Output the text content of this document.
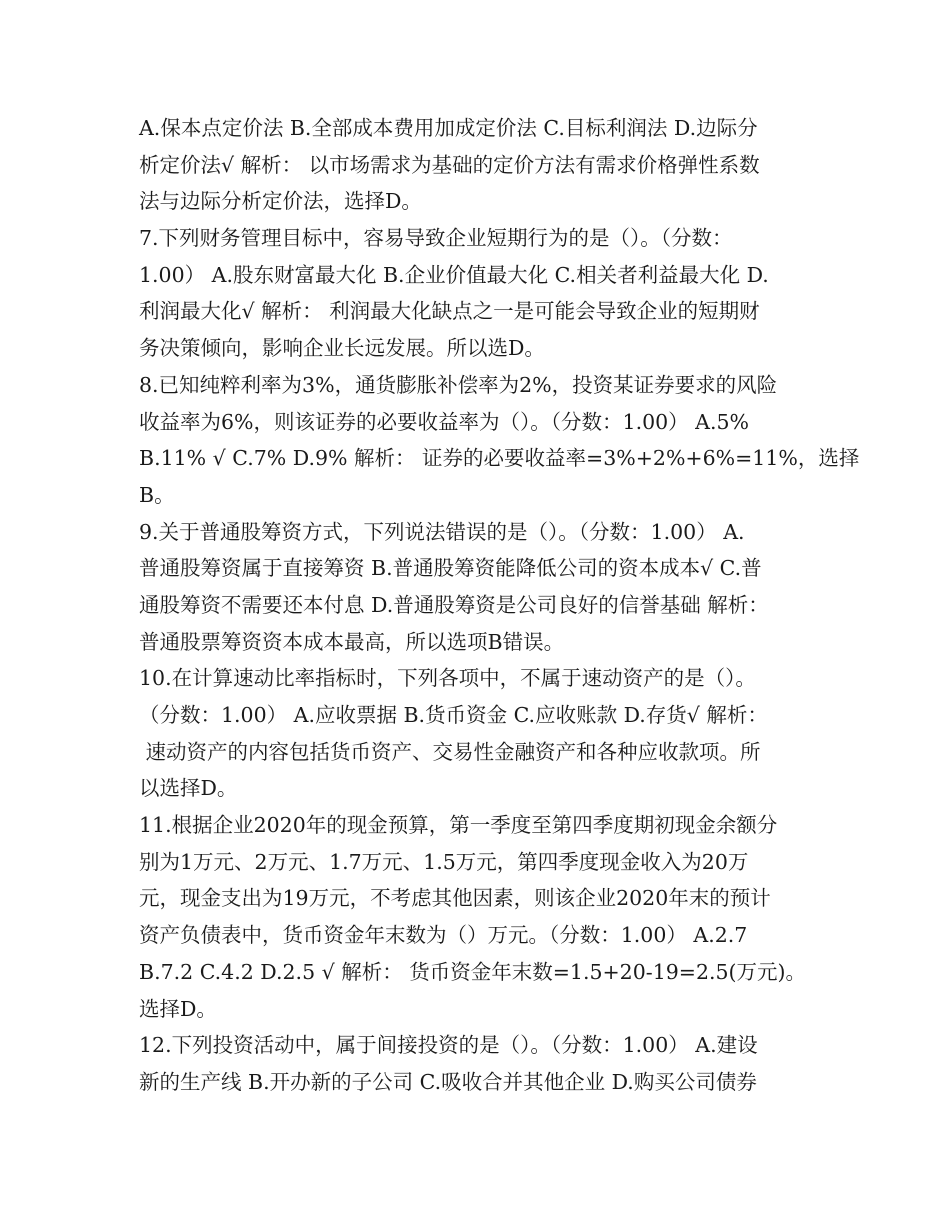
A.保本点定价法 B.全部成本费用加成定价法 C.目标利润法 D.边际分
析定价法√ 解析： 以市场需求为基础的定价方法有需求价格弹性系数
法与边际分析定价法，选择D。
7.下列财务管理目标中，容易导致企业短期行为的是（）。（分数：
1.00） A.股东财富最大化 B.企业价值最大化 C.相关者利益最大化 D.
利润最大化√ 解析： 利润最大化缺点之一是可能会导致企业的短期财
务决策倾向，影响企业长远发展。所以选D。
8.已知纯粹利率为3%，通货膨胀补偿率为2%，投资某证券要求的风险
收益率为6%，则该证券的必要收益率为（）。（分数：1.00） A.5%
B.11% √ C.7% D.9% 解析： 证券的必要收益率=3%+2%+6%=11%，选择
B。
9.关于普通股筹资方式，下列说法错误的是（）。（分数：1.00） A.
普通股筹资属于直接筹资 B.普通股筹资能降低公司的资本成本√ C.普
通股筹资不需要还本付息 D.普通股筹资是公司良好的信誉基础 解析：
普通股票筹资资本成本最高，所以选项B错误。
10.在计算速动比率指标时，下列各项中，不属于速动资产的是（）。
（分数：1.00） A.应收票据 B.货币资金 C.应收账款 D.存货√ 解析：
速动资产的内容包括货币资产、交易性金融资产和各种应收款项。所
以选择D。
11.根据企业2020年的现金预算，第一季度至第四季度期初现金余额分
别为1万元、2万元、1.7万元、1.5万元，第四季度现金收入为20万
元，现金支出为19万元，不考虑其他因素，则该企业2020年末的预计
资产负债表中，货币资金年末数为（）万元。（分数：1.00） A.2.7
B.7.2 C.4.2 D.2.5 √ 解析： 货币资金年末数=1.5+20-19=2.5(万元)。
选择D。
12.下列投资活动中，属于间接投资的是（）。（分数：1.00） A.建设
新的生产线 B.开办新的子公司 C.吸收合并其他企业 D.购买公司债券
